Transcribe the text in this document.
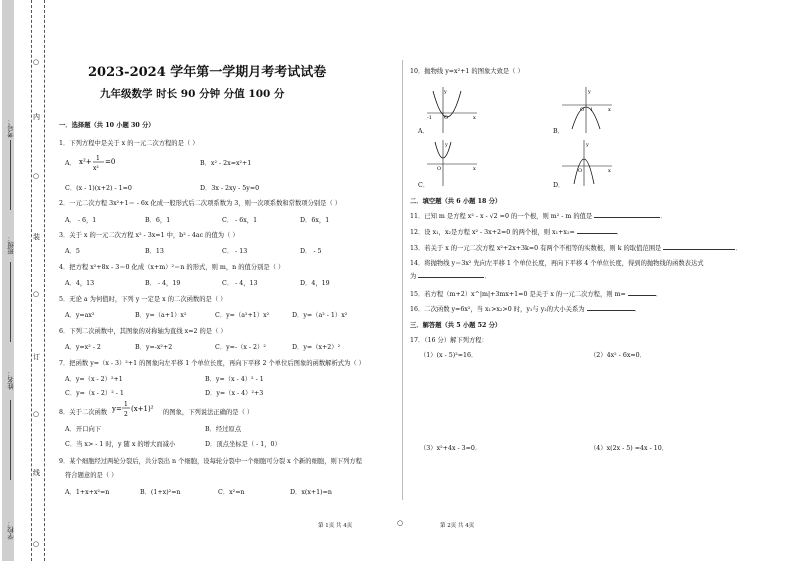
学校：
姓名：
班级：
考号：
○
线
○
订
○
装
○
内
○
2023-2024 学年第一学期月考考试试卷
九年级数学 时长 90 分钟 分值 100 分
一．选择题（共 10 小题 30 分）
1．下列方程中是关于 x 的一元二次方程的是（ ）
A． x²+ 1
x²
=0	B．x² - 2x=x²+1
C．(x - 1)(x+2) - 1=0	D．3x - 2xy - 5y=0
2．一元二次方程 3x²+1＝ - 6x 化成一般形式后二次项系数为 3，则一次项系数和常数项分别是（ ）
A． - 6，1	B．6，1	C． - 6x，1	D．6x，1
3．关于 x 的一元二次方程 x² - 3x=1 中，b² - 4ac 的值为（ ）
A．5	B．13	C． - 13	D． - 5
4．把方程 x²+8x - 3＝0 化成（x+m）²＝n 的形式，则 m，n 的值分别是（ ）
A．4，13	B． - 4，19	C． - 4，13	D．4，19
5．无论 a 为何值时，下列 y 一定是 x 的二次函数的是（ ）
A．y=ax²	B．y=（a+1）x²	C．y=（a²+1）x²	D．y=（a² - 1）x²
6．下列二次函数中，其图象的对称轴为直线 x=2 的是（ ）
A．y=x² - 2	B．y=-x²+2	C．y=-（x - 2）²	D．y=（x+2）²
7．把函数 y=（x - 3）²+1 的图象向左平移 1 个单位长度，再向下平移 2 个单位后图象的函数解析式为（ ）
A．y=（x - 2）²+1	B．y=（x - 4）² - 1
C．y=（x - 2）² - 1	D．y=（x - 4）²+3
8．关于二次函数 y=
1
2
(x+1)² 的图象，下列说法正确的是（ ）
A．开口向下	B．经过原点
C．当 x> - 1 时，y 随 x 的增大而减小	D．顶点坐标是（ - 1，0）
9．某个细胞经过两轮分裂后，共分裂出 n 个细胞，设每轮分裂中一个细胞可分裂 x 个新的细胞，则下列方程
符合题意的是（ ）
A．1+x+x²=n	B．(1+x)²=n	C．x²=n	D．x(x+1)=n
10．抛物线 y=x²+1 的图象大致是（ ）
A．
y
x
-1 O
B．
y
x
O 1
C．
y
x
O
D．
y
x
O
二．填空题（共 6 小题 18 分）
11．已知 m 是方程 x² - x - √2 =0 的一个根，则 m² - m 的值是	．
12．设 x₁，x₂是方程 x² - 3x+2=0 的两个根，则 x₁+x₂=	．
13．若关于 x 的一元二次方程 x²+2x+3k=0 有两个不相等的实数根，则 k 的取值范围是	．
14．将抛物线 y＝3x² 先向左平移 1 个单位长度，再向下平移 4 个单位长度，得到的抛物线的函数表达式
为	．
15．若方程（m+2）x^|m|+3mx+1=0 是关于 x 的一元二次方程，则 m=	．
16．二次函数 y=6x²，当 x₁>x₂>0 时，y₁与 y₂的大小关系为	．
三．解答题（共 5 小题 52 分）
17．（16 分）解下列方程：
（1）(x - 5)²=16．	（2）4x² - 6x=0．
（3）x²+4x - 3=0．	（4）x(2x - 5) =4x - 10．
第 1页 共 4页	○	第 2页 共 4页
